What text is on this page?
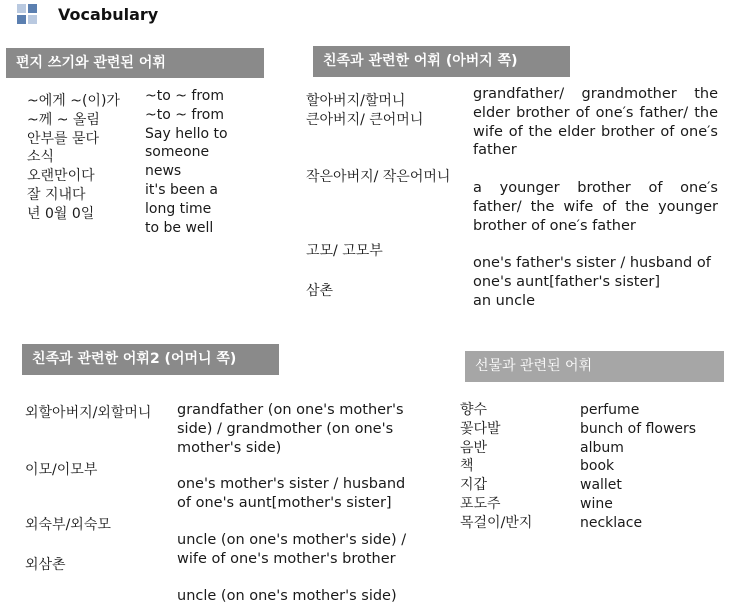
Vocabulary
편지 쓰기와 관련된 어휘
~에게 ~(이)가
~께 ~ 올림
안부를 묻다
소식
오랜만이다
잘 지내다
년 0월 0일
~to ~ from
~to ~ from
Say hello to
someone
news
it's been a
long time
to be well
친족과 관련한 어휘 (아버지 쪽)
할아버지/할머니
큰아버지/ 큰어머니
grandfather/ grandmother the elder brother of one′s father/ the wife of the elder brother of one′s father
작은아버지/ 작은어머니
a younger brother of one′s father/ the wife of the younger brother of one′s father
고모/ 고모부
one's father's sister / husband of one's aunt[father's sister]
삼촌
an uncle
친족과 관련한 어휘2 (어머니 쪽)
외할아버지/외할머니 grandfather (on one's mother's side) / grandmother (on one's mother's side)
이모/이모부
one's mother's sister / husband of one's aunt[mother's sister]
외숙부/외숙모
uncle (on one's mother's side) / wife of one's mother's brother
외삼촌
uncle (on one's mother's side)
선물과 관련된 어휘
향수
꽃다발
음반
책
지갑
포도주
목걸이/반지
perfume
bunch of flowers
album
book
wallet
wine
necklace
